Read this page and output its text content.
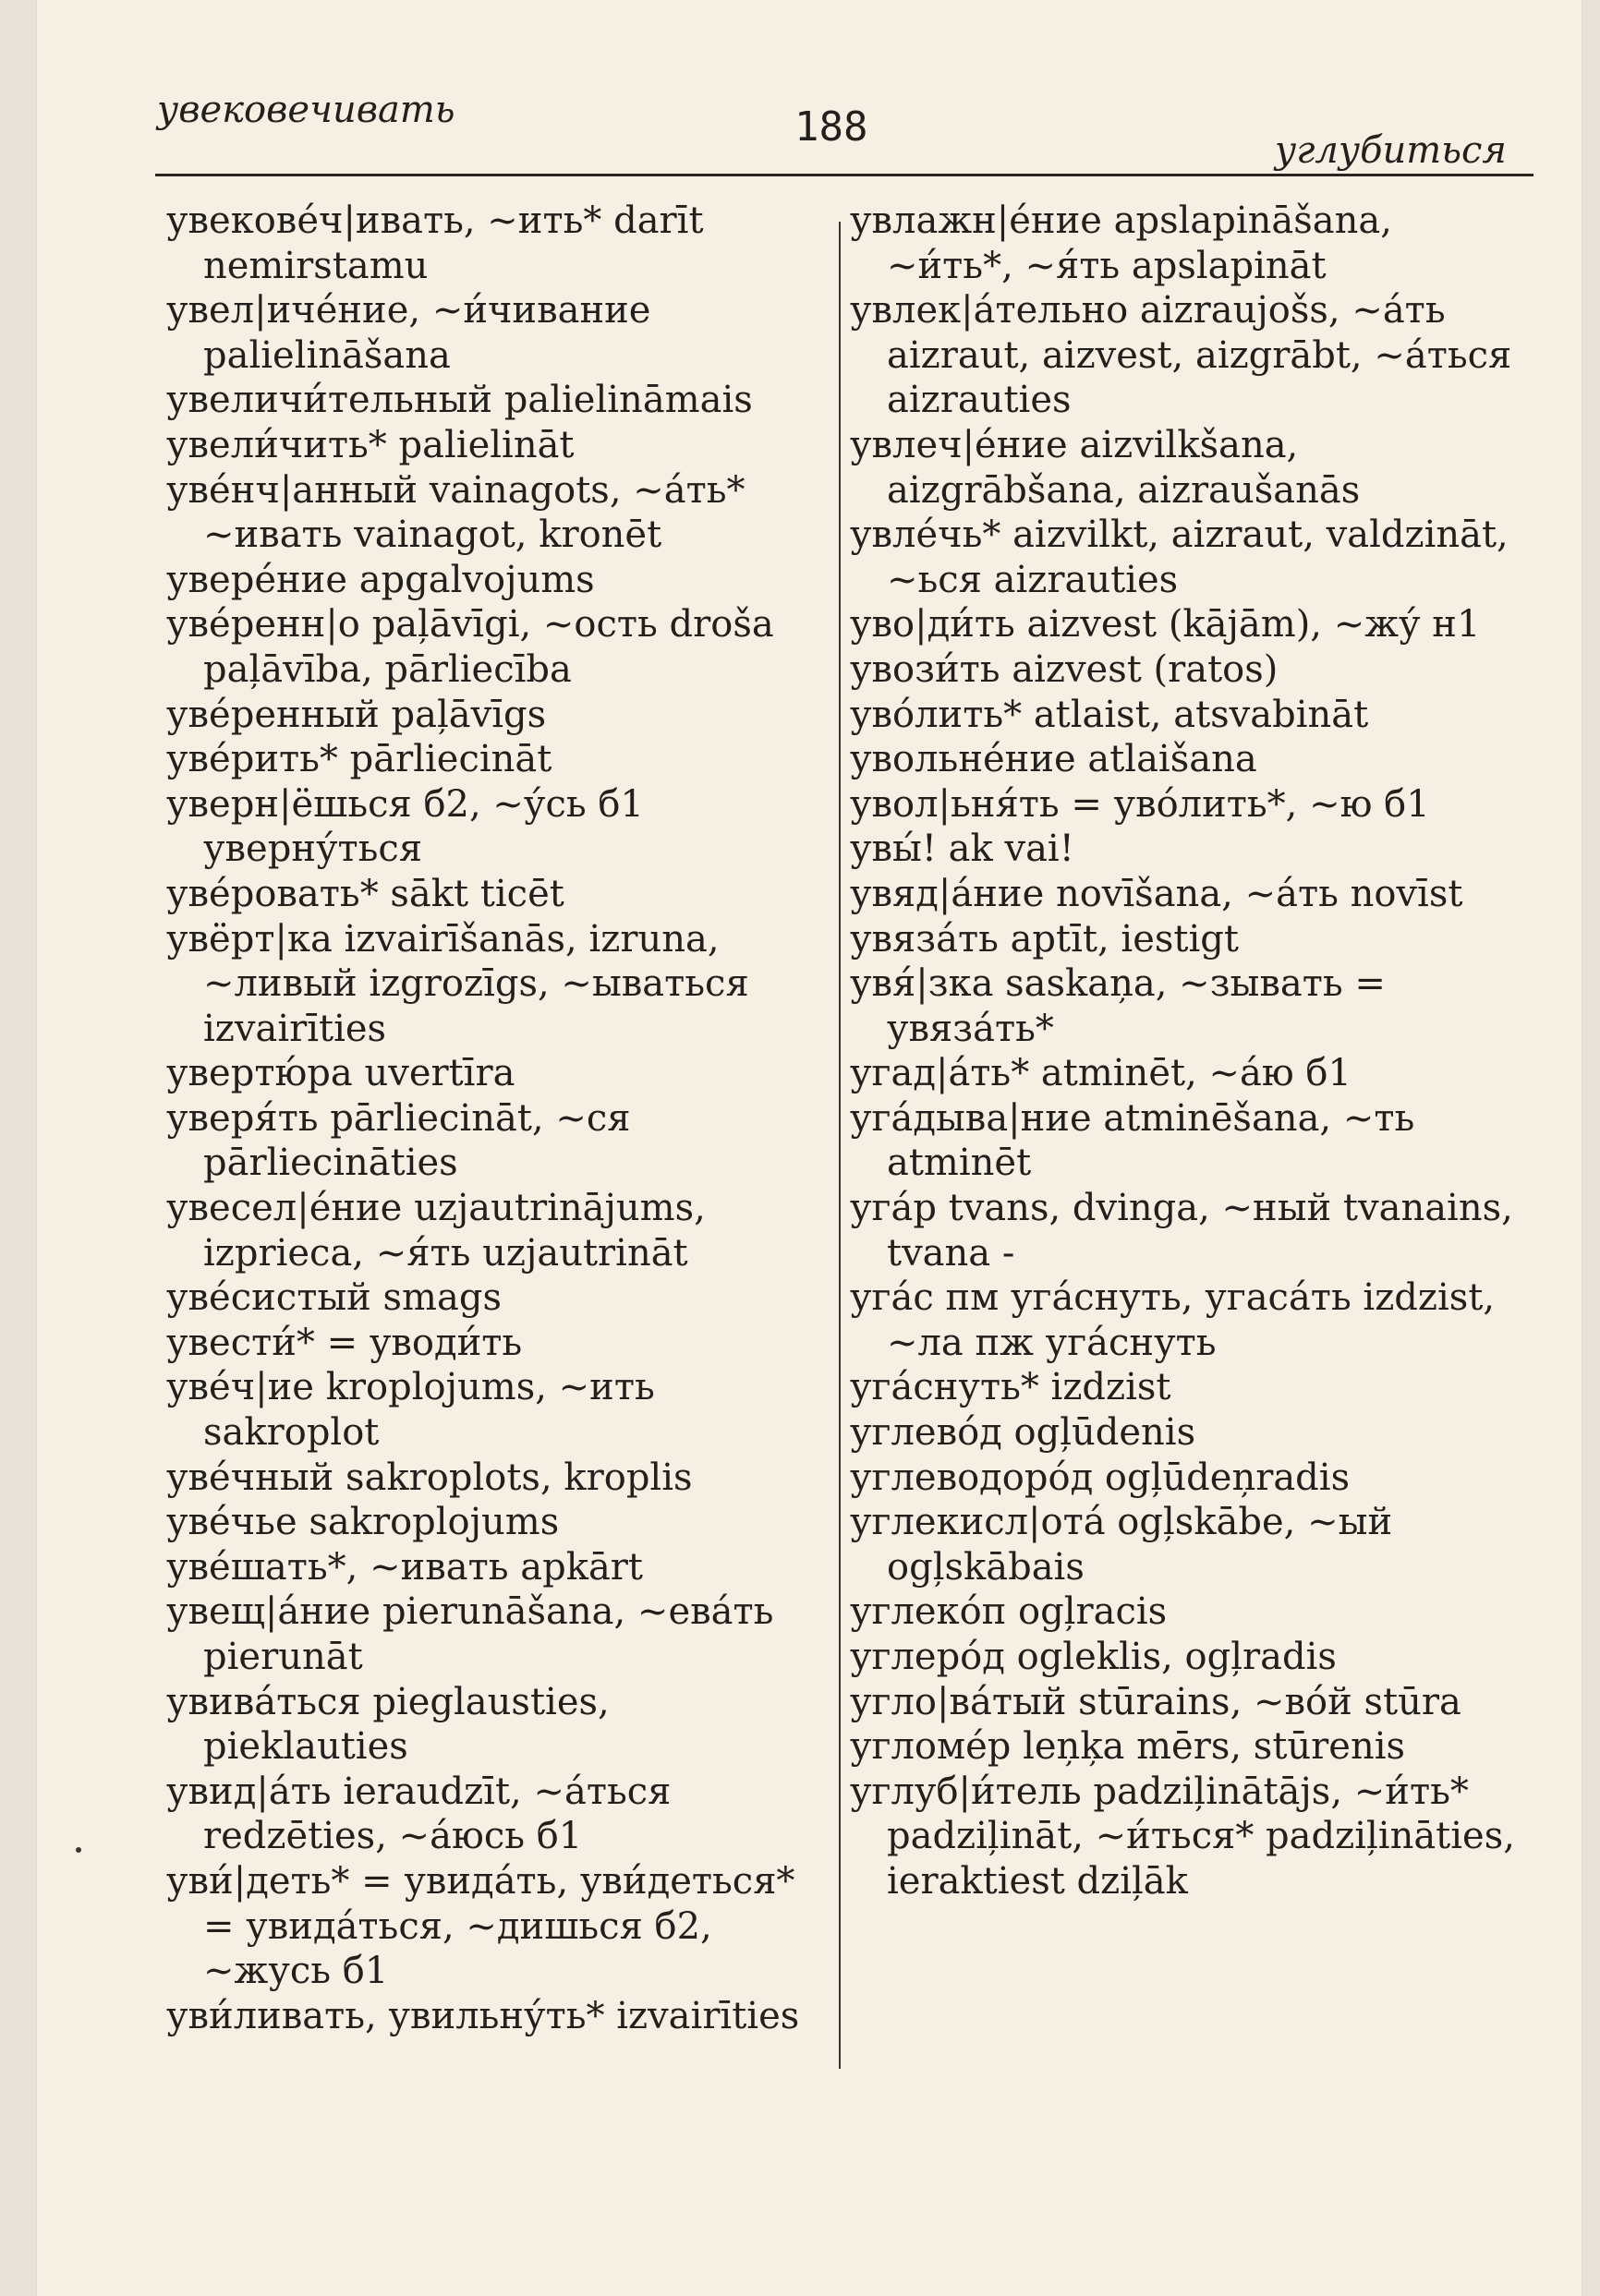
увековечивать	188	углубиться

увекове́ч|ивать, ~ить* darīt nemirstamu

увел|иче́ние, ~и́чивание palielināšana

увеличи́тельный palielināmais

увели́чить* palielināt

уве́нч|анный vainagots, ~а́ть* ~ивать vainagot, kronēt

увере́ние apgalvojums

уве́ренн|о paļāvīgi, ~ость droša paļāvība, pārliecība

уве́ренный paļāvīgs

уве́рить* pārliecināt

уверн|ёшься б2, ~у́сь б1 уверну́ться

уве́ровать* sākt ticēt

увёрт|ка izvairīšanās, izruna, ~ливый izgrozīgs, ~ываться izvairīties

увертю́ра uvertīra

уверя́ть pārliecināt, ~ся pārliecināties

увесел|е́ние uzjautrinājums, izprieca, ~я́ть uzjautrināt

уве́систый smags

увести́* = уводи́ть

уве́ч|ие kroplojums, ~ить sakroplot

уве́чный sakroplots, kroplis

уве́чье sakroplojums

уве́шать*, ~ивать apkārt

увещ|а́ние pierunāšana, ~ева́ть pierunāt

увива́ться pieglausties, pieklauties

увид|а́ть ieraudzīt, ~а́ться redzēties, ~а́юсь б1

уви́|деть* = увида́ть, уви́деться* = увида́ться, ~дишься б2, ~жусь б1

уви́ливать, увильну́ть* izvairīties

увлажн|е́ние apslapināšana, ~и́ть*, ~я́ть apslapināt

увлек|а́тельно aizraujošs, ~а́ть aizraut, aizvest, aizgrābt, ~а́ться aizrauties

увлеч|е́ние aizvilkšana, aizgrābšana, aizraušanās

увле́чь* aizvilkt, aizraut, valdzināt, ~ься aizrauties

уво|ди́ть aizvest (kājām), ~жу́ н1

увози́ть aizvest (ratos)

уво́лить* atlaist, atsvabināt

увольне́ние atlaišana

увол|ьня́ть = уво́лить*, ~ю б1

увы́! ak vai!

увяд|а́ние novīšana, ~а́ть novīst

увяза́ть aptīt, iestigt

увя́|зка saskaņa, ~зывать = увяза́ть*

угад|а́ть* atminēt, ~а́ю б1

уга́дыва|ние atminēšana, ~ть atminēt

уга́р tvans, dvinga, ~ный tvanains, tvana -

уга́с пм уга́снуть, угаса́ть izdzist, ~ла пж уга́снуть

уга́снуть* izdzist

углево́д ogļūdenis

углеводоро́д ogļūdeņradis

углекисл|ота́ ogļskābe, ~ый ogļskābais

углеко́п ogļracis

углеро́д ogleklis, ogļradis

угло|ва́тый stūrains, ~во́й stūra

угломе́р leņķa mērs, stūrenis

углуб|и́тель padziļinātājs, ~и́ть* padziļināt, ~и́ться* padziļināties, ieraktiest dziļāk
